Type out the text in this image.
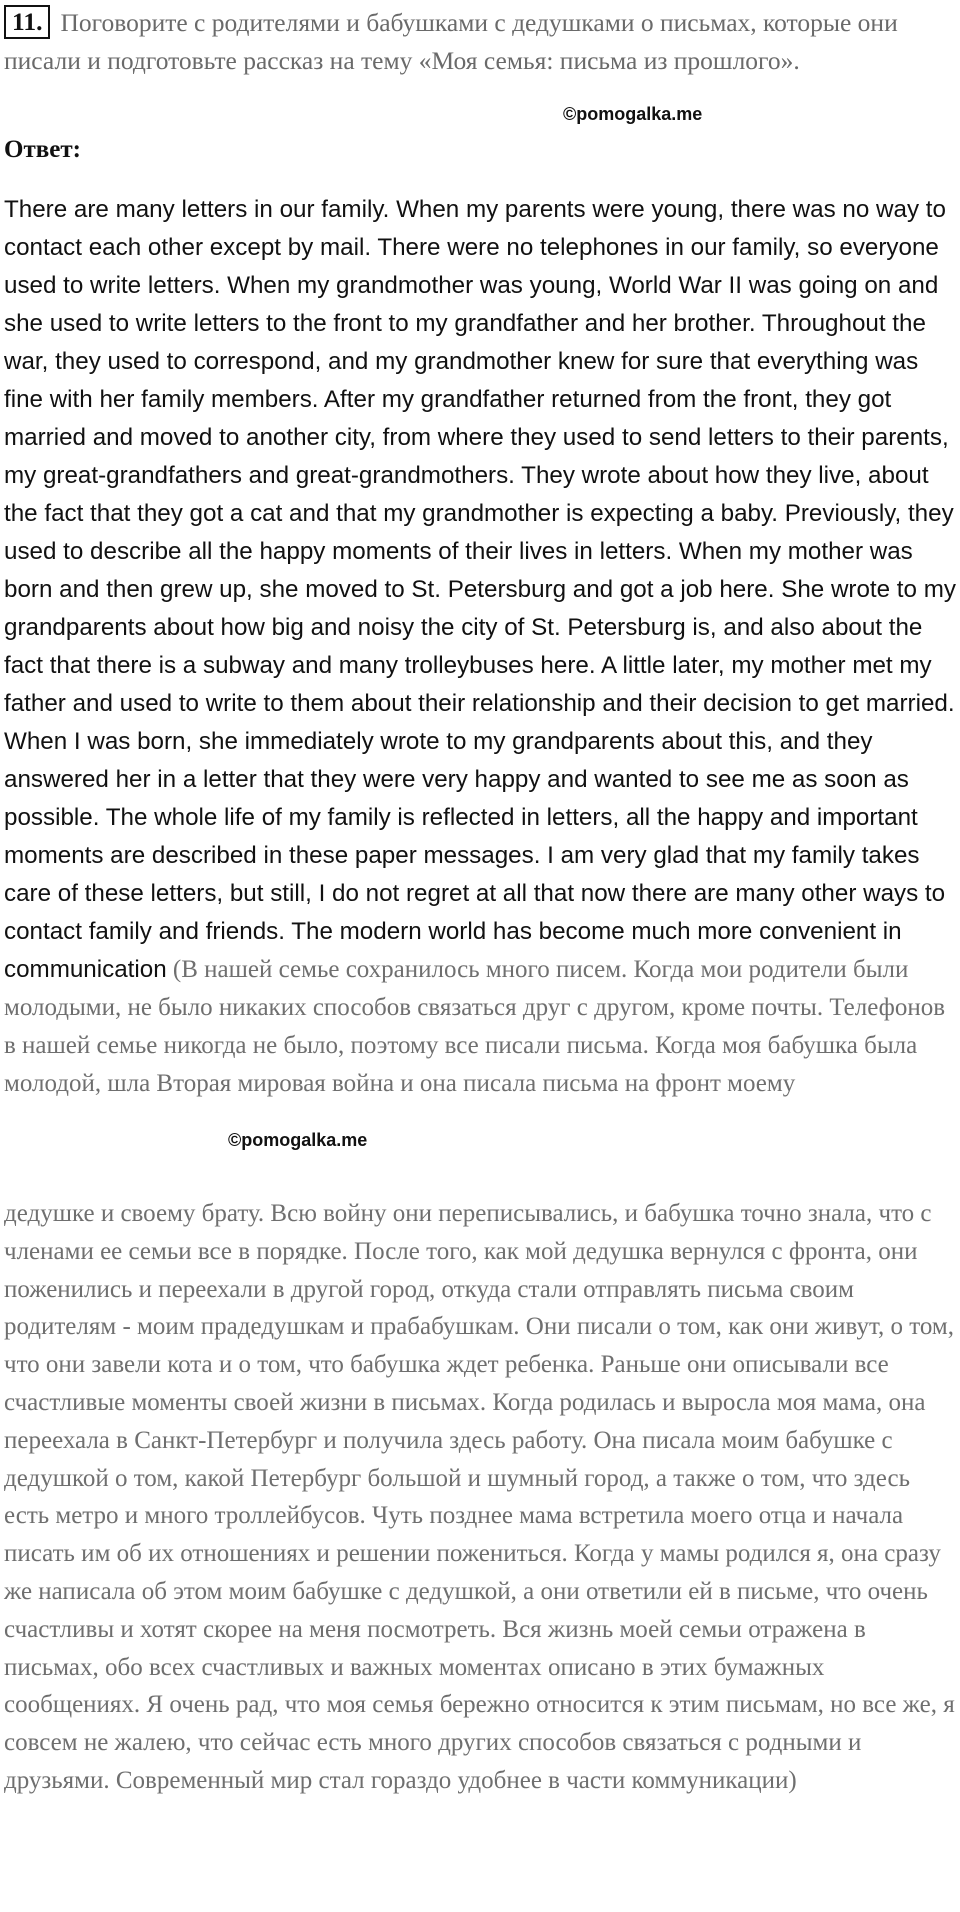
11. Поговорите с родителями и бабушками с дедушками о письмах, которые они писали и подготовьте рассказ на тему «Моя семья: письма из прошлого».
©pomogalka.me
Ответ:
There are many letters in our family. When my parents were young, there was no way to contact each other except by mail. There were no telephones in our family, so everyone used to write letters. When my grandmother was young, World War II was going on and she used to write letters to the front to my grandfather and her brother. Throughout the war, they used to correspond, and my grandmother knew for sure that everything was fine with her family members. After my grandfather returned from the front, they got married and moved to another city, from where they used to send letters to their parents, my great-grandfathers and great-grandmothers. They wrote about how they live, about the fact that they got a cat and that my grandmother is expecting a baby. Previously, they used to describe all the happy moments of their lives in letters. When my mother was born and then grew up, she moved to St. Petersburg and got a job here. She wrote to my grandparents about how big and noisy the city of St. Petersburg is, and also about the fact that there is a subway and many trolleybuses here. A little later, my mother met my father and used to write to them about their relationship and their decision to get married. When I was born, she immediately wrote to my grandparents about this, and they answered her in a letter that they were very happy and wanted to see me as soon as possible. The whole life of my family is reflected in letters, all the happy and important moments are described in these paper messages. I am very glad that my family takes care of these letters, but still, I do not regret at all that now there are many other ways to contact family and friends. The modern world has become much more convenient in communication (В нашей семье сохранилось много писем. Когда мои родители были молодыми, не было никаких способов связаться друг с другом, кроме почты. Телефонов в нашей семье никогда не было, поэтому все писали письма. Когда моя бабушка была молодой, шла Вторая мировая война и она писала письма на фронт моему
©pomogalka.me
дедушке и своему брату. Всю войну они переписывались, и бабушка точно знала, что с членами ее семьи все в порядке. После того, как мой дедушка вернулся с фронта, они поженились и переехали в другой город, откуда стали отправлять письма своим родителям - моим прадедушкам и прабабушкам. Они писали о том, как они живут, о том, что они завели кота и о том, что бабушка ждет ребенка. Раньше они описывали все счастливые моменты своей жизни в письмах. Когда родилась и выросла моя мама, она переехала в Санкт-Петербург и получила здесь работу. Она писала моим бабушке с дедушкой о том, какой Петербург большой и шумный город, а также о том, что здесь есть метро и много троллейбусов. Чуть позднее мама встретила моего отца и начала писать им об их отношениях и решении пожениться. Когда у мамы родился я, она сразу же написала об этом моим бабушке с дедушкой, а они ответили ей в письме, что очень счастливы и хотят скорее на меня посмотреть. Вся жизнь моей семьи отражена в письмах, обо всех счастливых и важных моментах описано в этих бумажных сообщениях. Я очень рад, что моя семья бережно относится к этим письмам, но все же, я совсем не жалею, что сейчас есть много других способов связаться с родными и друзьями. Современный мир стал гораздо удобнее в части коммуникации)
